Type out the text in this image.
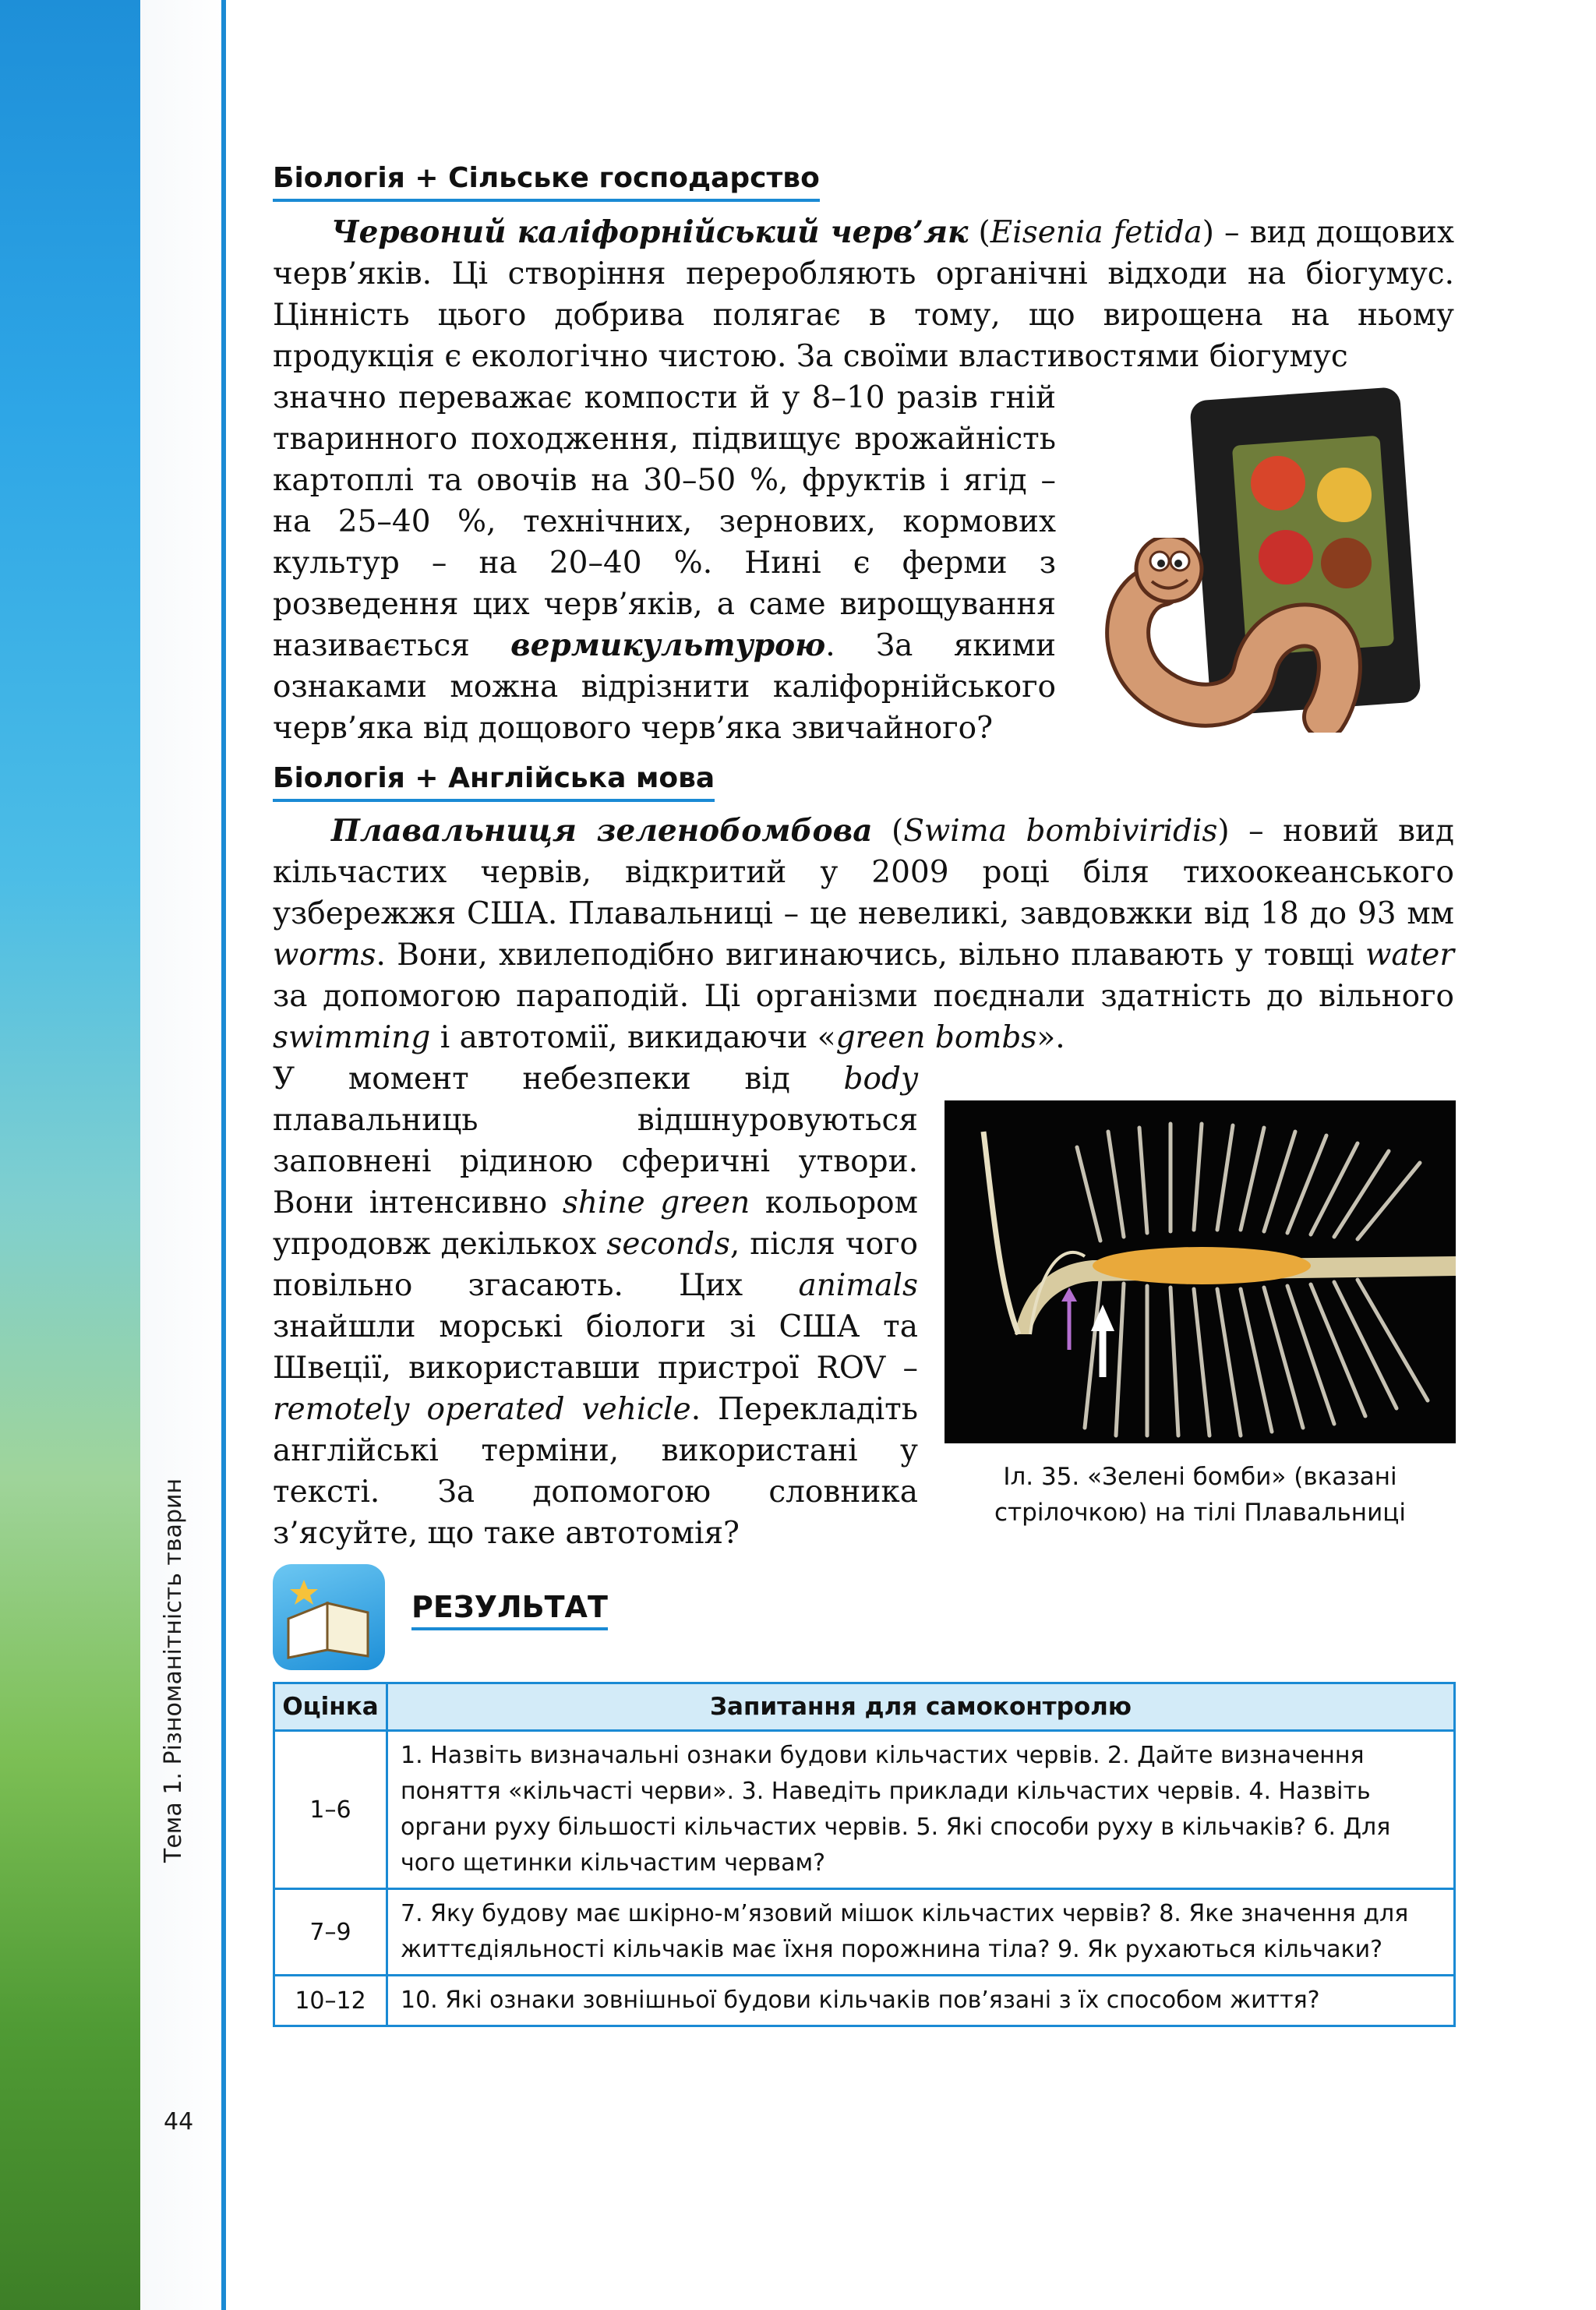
Тема 1. Різноманітність тварин
44
Біологія + Сільське господарство
Червоний каліфорнійський черв’як (Eisenia fetida) – вид дощових черв’яків. Ці створіння переробляють органічні відходи на біогумус. Цінність цього добрива полягає в тому, що вирощена на ньому продукція є екологічно чистою. За своїми властивостями біогумус
значно переважає компости й у 8–10 разів гній тваринного походження, підвищує врожайність картоплі та овочів на 30–50 %, фруктів і ягід – на 25–40 %, технічних, зернових, кормових культур – на 20–40 %. Нині є ферми з розведення цих черв’яків, а саме вирощування називається вермикультурою. За якими ознаками можна відрізнити каліфорнійського черв’яка від дощового черв’яка звичайного?
Біологія + Англійська мова
Плавальниця зеленобомбова (Swima bombiviridis) – новий вид кільчастих червів, відкритий у 2009 році біля тихоокеанського узбережжя США. Плавальниці – це невеликі, завдовжки від 18 до 93 мм worms. Вони, хвилеподібно вигинаючись, вільно плавають у товщі water за допомогою параподій. Ці організми поєднали здатність до вільного swimming і автотомії, викидаючи «green bombs».
У момент небезпеки від body плавальниць відшнуровуються заповнені рідиною сферичні утвори. Вони інтенсивно shine green кольором упродовж декількох seconds, після чого повільно згасають. Цих animals знайшли морські біологи зі США та Швеції, використавши пристрої ROV – remotely operated vehicle. Перекладіть англійські терміни, використані у тексті. За допомогою словника з’ясуйте, що таке автотомія?
Іл. 35. «Зелені бомби» (вказані стрілочкою) на тілі Плавальниці
РЕЗУЛЬТАТ
Оцінка	Запитання для самоконтролю
1–6	1. Назвіть визначальні ознаки будови кільчастих червів. 2. Дайте визначення поняття «кільчасті черви». 3. Наведіть приклади кільчастих червів. 4. Назвіть органи руху більшості кільчастих червів. 5. Які способи руху в кільчаків? 6. Для чого щетинки кільчастим червам?
7–9	7. Яку будову має шкірно-м’язовий мішок кільчастих червів? 8. Яке значення для життєдіяльності кільчаків має їхня порожнина тіла? 9. Як рухаються кільчаки?
10–12	10. Які ознаки зовнішньої будови кільчаків пов’язані з їх способом життя?
